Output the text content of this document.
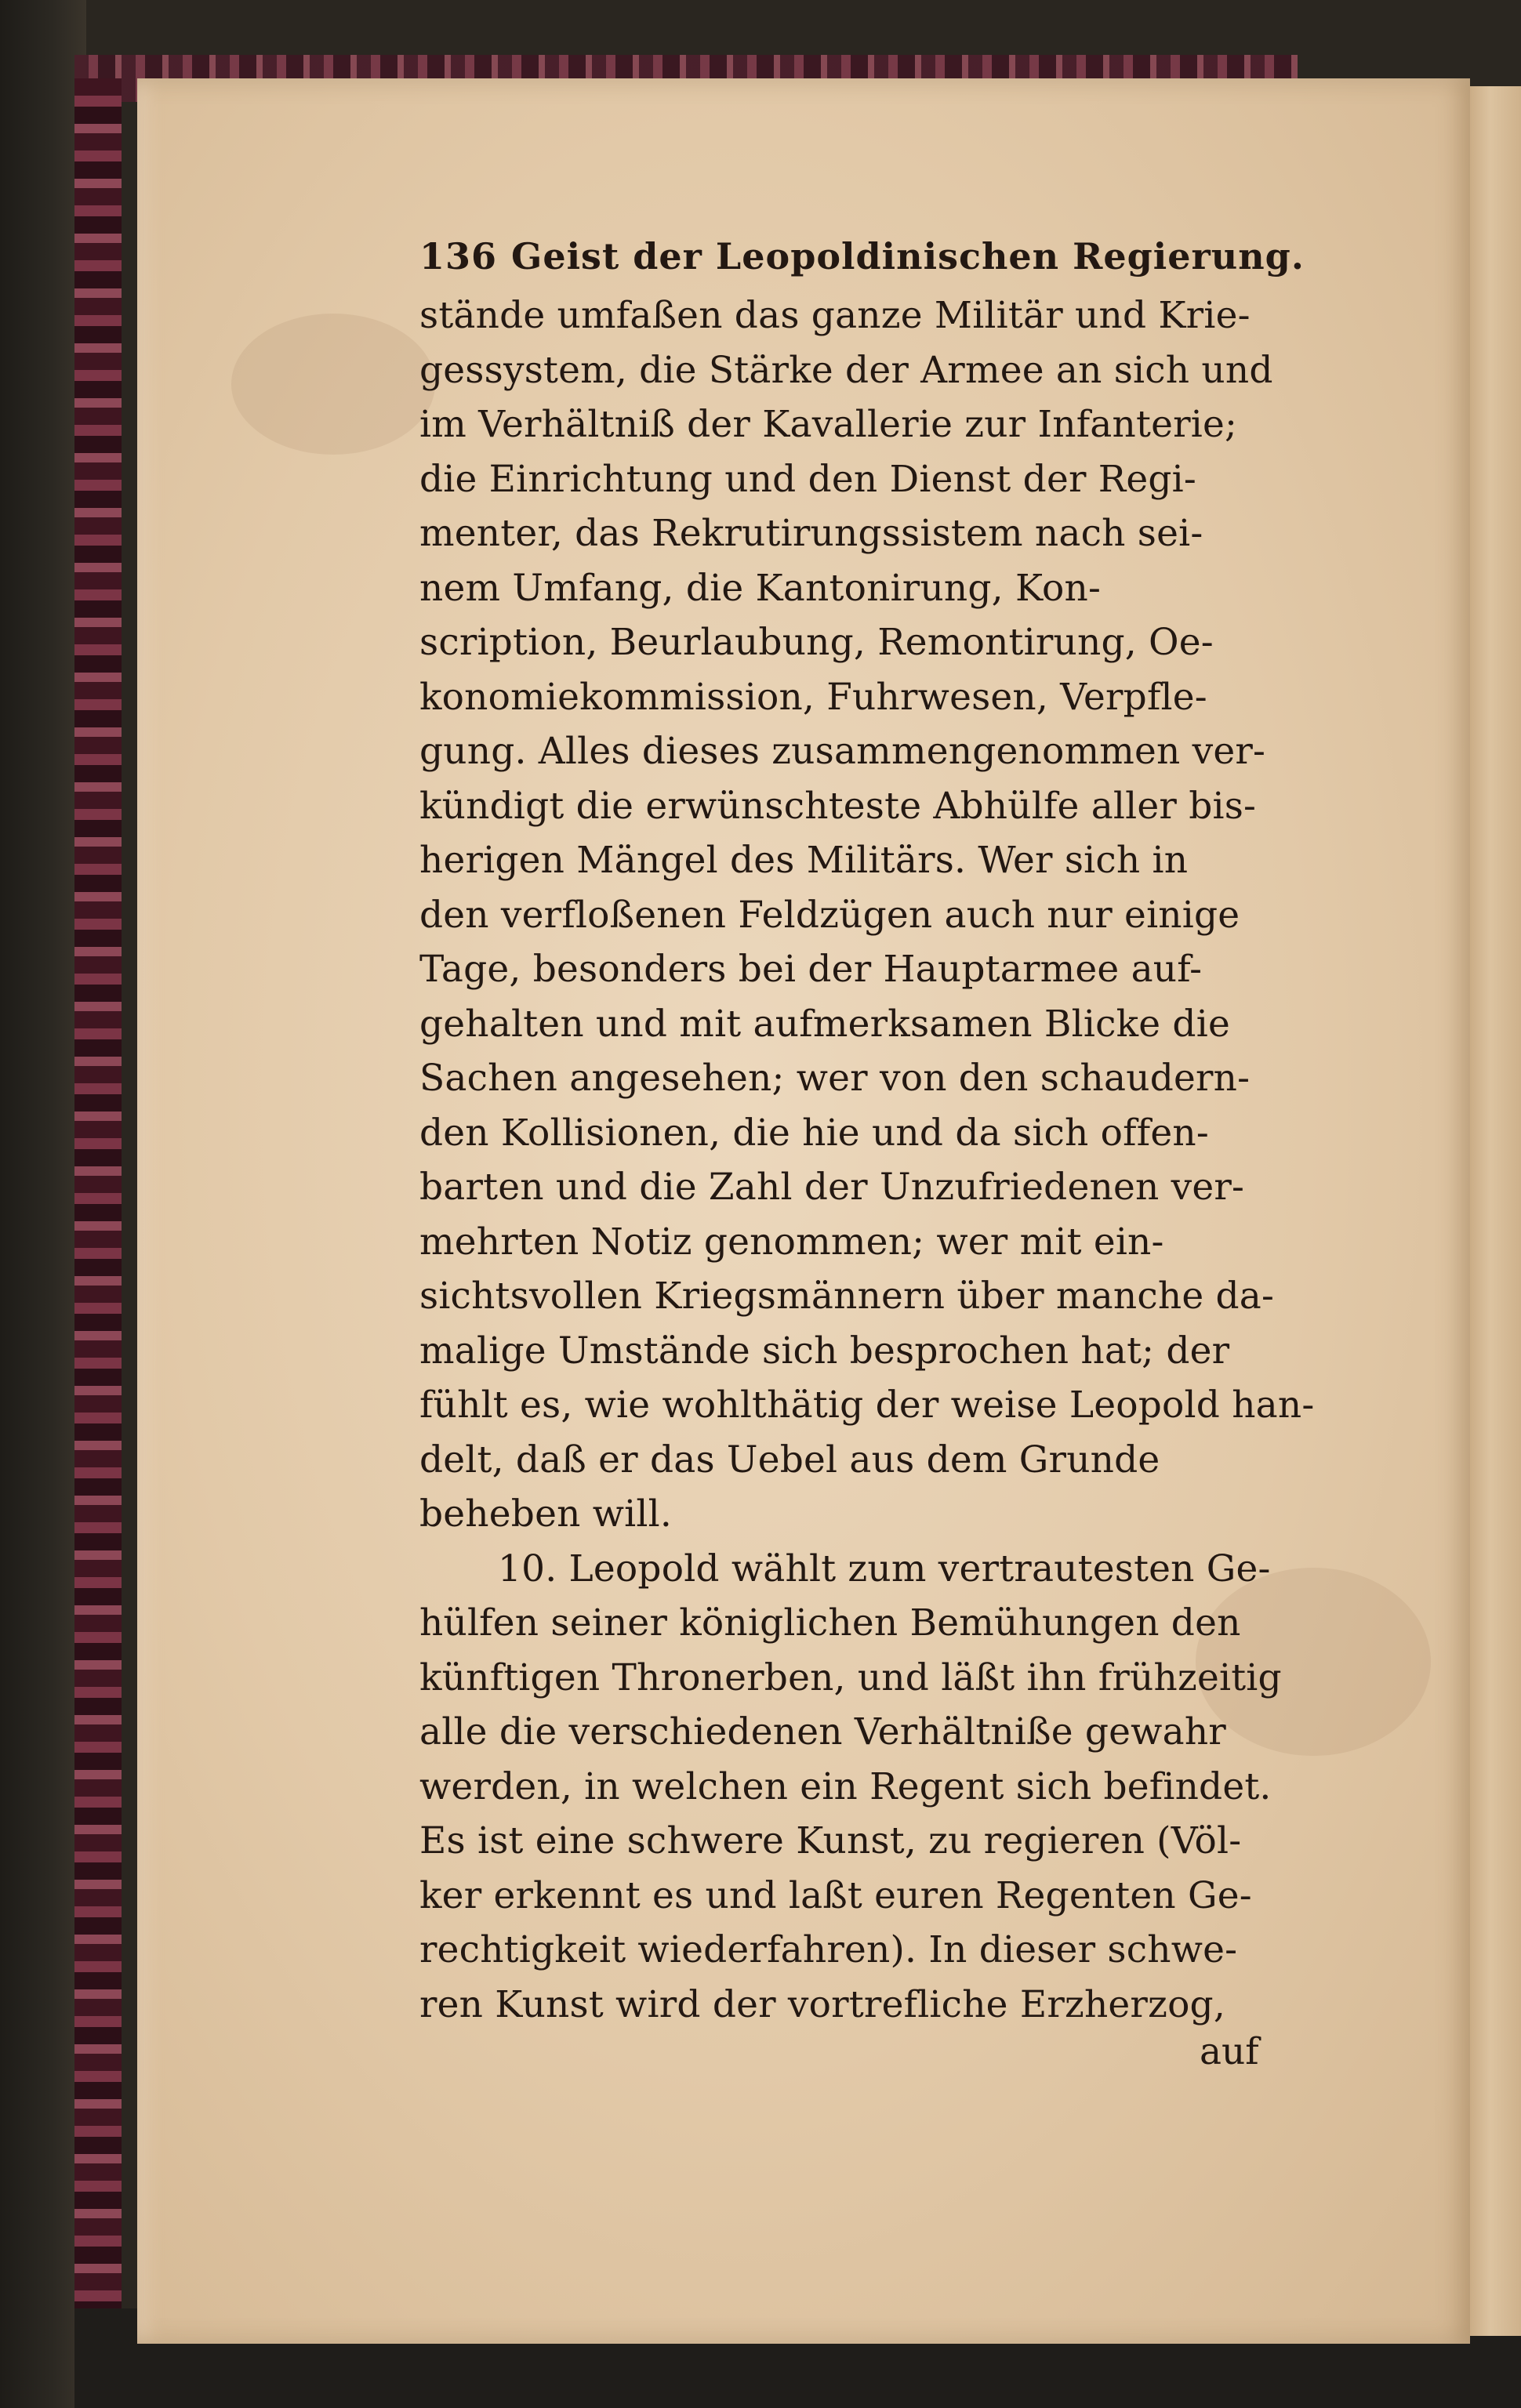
136 Geist der Leopoldinischen Regierung.
stände umfaßen das ganze Militär und Krie-
gessystem, die Stärke der Armee an sich und
im Verhältniß der Kavallerie zur Infanterie;
die Einrichtung und den Dienst der Regi-
menter, das Rekrutirungssistem nach sei-
nem Umfang, die Kantonirung, Kon-
scription, Beurlaubung, Remontirung, Oe-
konomiekommission, Fuhrwesen, Verpfle-
gung. Alles dieses zusammengenommen ver-
kündigt die erwünschteste Abhülfe aller bis-
herigen Mängel des Militärs. Wer sich in
den verfloßenen Feldzügen auch nur einige
Tage, besonders bei der Hauptarmee auf-
gehalten und mit aufmerksamen Blicke die
Sachen angesehen; wer von den schaudern-
den Kollisionen, die hie und da sich offen-
barten und die Zahl der Unzufriedenen ver-
mehrten Notiz genommen; wer mit ein-
sichtsvollen Kriegsmännern über manche da-
malige Umstände sich besprochen hat; der
fühlt es, wie wohlthätig der weise Leopold han-
delt, daß er das Uebel aus dem Grunde
beheben will.
10. Leopold wählt zum vertrautesten Ge-
hülfen seiner königlichen Bemühungen den
künftigen Thronerben, und läßt ihn frühzeitig
alle die verschiedenen Verhältniße gewahr
werden, in welchen ein Regent sich befindet.
Es ist eine schwere Kunst, zu regieren (Völ-
ker erkennt es und laßt euren Regenten Ge-
rechtigkeit wiederfahren). In dieser schwe-
ren Kunst wird der vortrefliche Erzherzog,
auf
